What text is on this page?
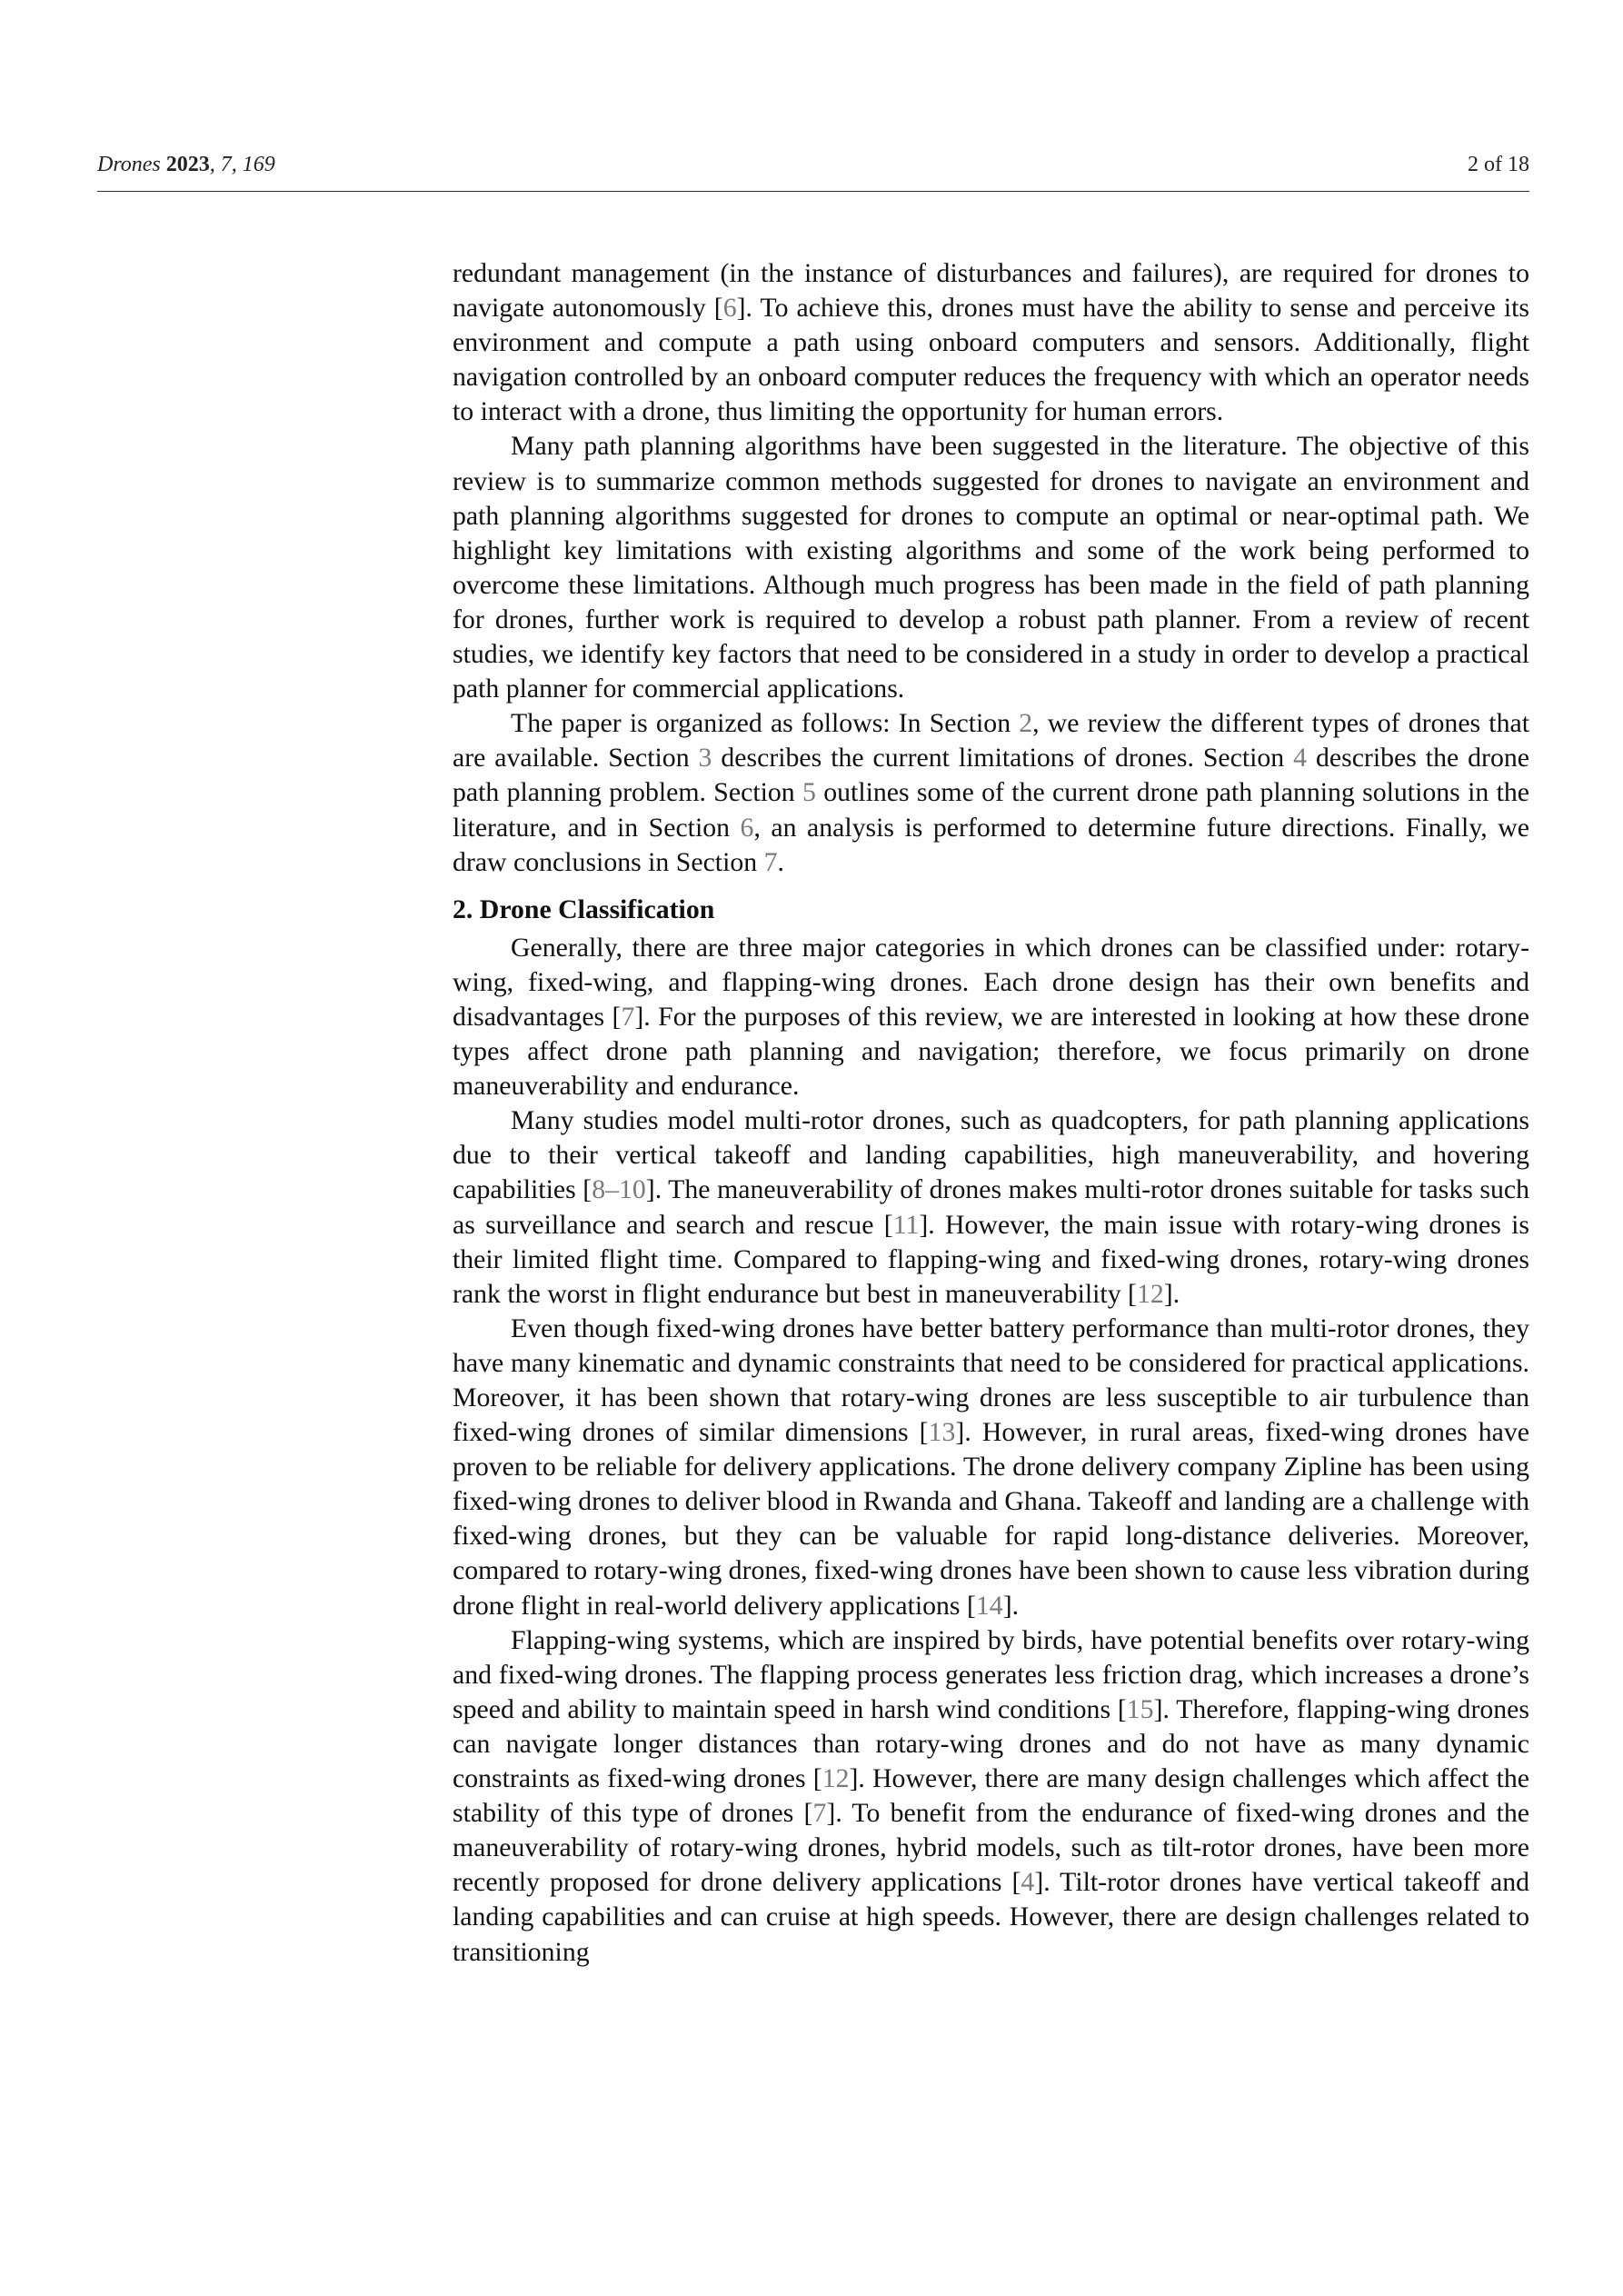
Drones 2023, 7, 169	2 of 18

redundant management (in the instance of disturbances and failures), are required for drones to navigate autonomously [6]. To achieve this, drones must have the ability to sense and perceive its environment and compute a path using onboard computers and sensors. Additionally, flight navigation controlled by an onboard computer reduces the frequency with which an operator needs to interact with a drone, thus limiting the opportunity for human errors.

Many path planning algorithms have been suggested in the literature. The objective of this review is to summarize common methods suggested for drones to navigate an environment and path planning algorithms suggested for drones to compute an optimal or near-optimal path. We highlight key limitations with existing algorithms and some of the work being performed to overcome these limitations. Although much progress has been made in the field of path planning for drones, further work is required to develop a robust path planner. From a review of recent studies, we identify key factors that need to be considered in a study in order to develop a practical path planner for commercial applications.

The paper is organized as follows: In Section 2, we review the different types of drones that are available. Section 3 describes the current limitations of drones. Section 4 describes the drone path planning problem. Section 5 outlines some of the current drone path planning solutions in the literature, and in Section 6, an analysis is performed to determine future directions. Finally, we draw conclusions in Section 7.

2. Drone Classification

Generally, there are three major categories in which drones can be classified under: rotary-wing, fixed-wing, and flapping-wing drones. Each drone design has their own benefits and disadvantages [7]. For the purposes of this review, we are interested in looking at how these drone types affect drone path planning and navigation; therefore, we focus primarily on drone maneuverability and endurance.

Many studies model multi-rotor drones, such as quadcopters, for path planning applications due to their vertical takeoff and landing capabilities, high maneuverability, and hovering capabilities [8–10]. The maneuverability of drones makes multi-rotor drones suitable for tasks such as surveillance and search and rescue [11]. However, the main issue with rotary-wing drones is their limited flight time. Compared to flapping-wing and fixed-wing drones, rotary-wing drones rank the worst in flight endurance but best in maneuverability [12].

Even though fixed-wing drones have better battery performance than multi-rotor drones, they have many kinematic and dynamic constraints that need to be considered for practical applications. Moreover, it has been shown that rotary-wing drones are less susceptible to air turbulence than fixed-wing drones of similar dimensions [13]. However, in rural areas, fixed-wing drones have proven to be reliable for delivery applications. The drone delivery company Zipline has been using fixed-wing drones to deliver blood in Rwanda and Ghana. Takeoff and landing are a challenge with fixed-wing drones, but they can be valuable for rapid long-distance deliveries. Moreover, compared to rotary-wing drones, fixed-wing drones have been shown to cause less vibration during drone flight in real-world delivery applications [14].

Flapping-wing systems, which are inspired by birds, have potential benefits over rotary-wing and fixed-wing drones. The flapping process generates less friction drag, which increases a drone’s speed and ability to maintain speed in harsh wind conditions [15]. Therefore, flapping-wing drones can navigate longer distances than rotary-wing drones and do not have as many dynamic constraints as fixed-wing drones [12]. However, there are many design challenges which affect the stability of this type of drones [7]. To benefit from the endurance of fixed-wing drones and the maneuverability of rotary-wing drones, hybrid models, such as tilt-rotor drones, have been more recently proposed for drone delivery applications [4]. Tilt-rotor drones have vertical takeoff and landing capabilities and can cruise at high speeds. However, there are design challenges related to transitioning
